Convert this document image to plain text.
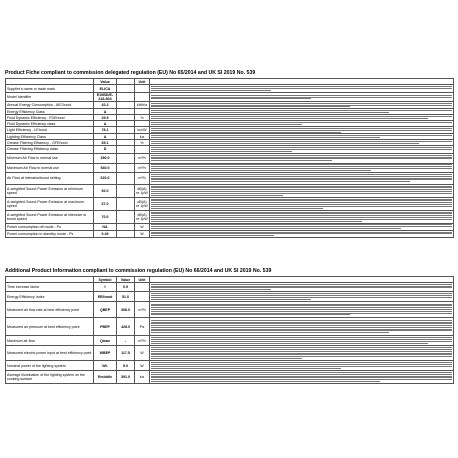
Product Fiche compliant to commission delegated regulation (EU) No 65/2014 and UK SI 2019 No. 539
	Value		Unit	
Supplier's name or trade mark	ELICA			

Model identifier	E10BD/E-218-804			

Annual Energy Consumption - AEChood	42.2		kWh/a	

Energy Efficiency Class	A			

Fluid Dynamic Efficiency - FDEhood	29.9		%	

Fluid Dynamic Efficiency class	A			

Light Efficiency - LEhood	78.1		lux/W	

Lighting Efficiency Class	A		lux	

Grease Filtering Efficiency - GFEhood	65.1		%	

Grease Filtering Efficiency class	D			

Minimum Air Flow in normal use	250.0		m³/h	

Maximum Air Flow in normal use	540.0		m³/h	

Air Flow at intensive/boost setting	620.0		m³/h	

A-weighted Sound Power Emission at minimum speed	52.0		dB(A) re 1pW	

A-weighted Sound Power Emission at maximum speed	67.0		dB(A) re 1pW	

A-weighted Sound Power Emission at intensive or boost speed	70.0		dB(A) re 1pW	

Power consumption off mode - Po	NA		W	

Power consumption in standby mode - Ps	0.49		W	
Additional Product Information compliant to commission regulation (EU) No 66/2014 and UK SI 2019 No. 539
	Symbol	Value	Unit	
Time increase factor	f	0.9		

Energy Efficiency Index	EEIhood	51.0		

Measured air flow rate at best efficiency point	QBEP	308.0	m³/h	

Measured air pressure at best efficiency point	PBEP	428.0	Pa	

Maximum air flow	Qmax	-	m³/h	

Measured electric power input at best efficiency point	WBEP	117.5	W	

Nominal power of the lighting system	WL	5.0	W	

Average illumination of the lighting system on the cooking surface	Emiddle	391.0	lux	
